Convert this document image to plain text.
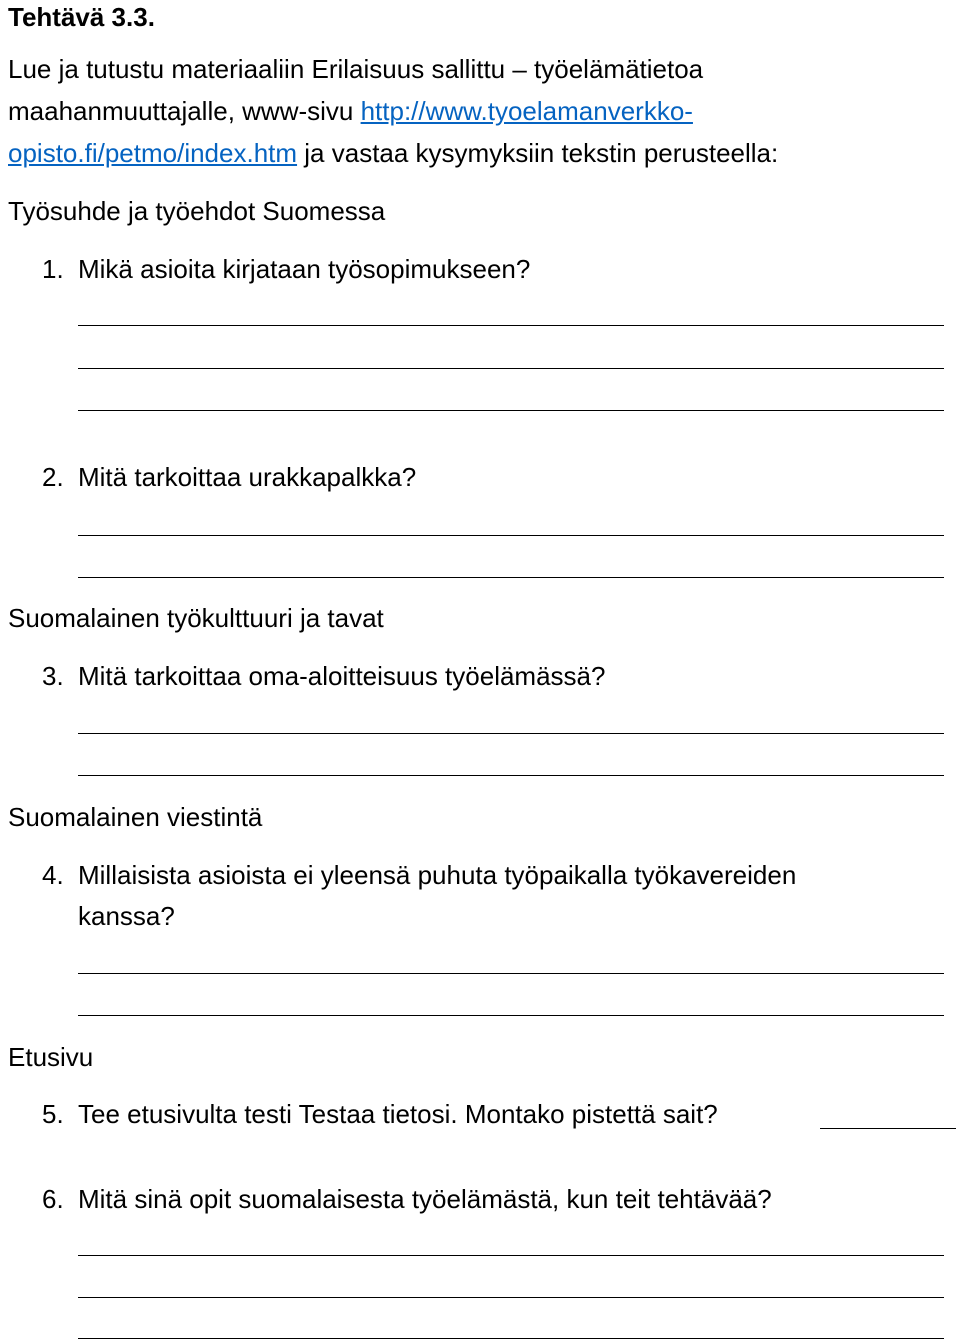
Tehtävä 3.3.
Lue ja tutustu materiaaliin Erilaisuus sallittu – työelämätietoa
maahanmuuttajalle, www-sivu http://www.tyoelamanverkko-
opisto.fi/petmo/index.htm ja vastaa kysymyksiin tekstin perusteella:
Työsuhde ja työehdot Suomessa
1. Mikä asioita kirjataan työsopimukseen?
2. Mitä tarkoittaa urakkapalkka?
Suomalainen työkulttuuri ja tavat
3. Mitä tarkoittaa oma-aloitteisuus työelämässä?
Suomalainen viestintä
4. Millaisista asioista ei yleensä puhuta työpaikalla työkavereiden
kanssa?
Etusivu
5. Tee etusivulta testi Testaa tietosi. Montako pistettä sait?
6. Mitä sinä opit suomalaisesta työelämästä, kun teit tehtävää?
